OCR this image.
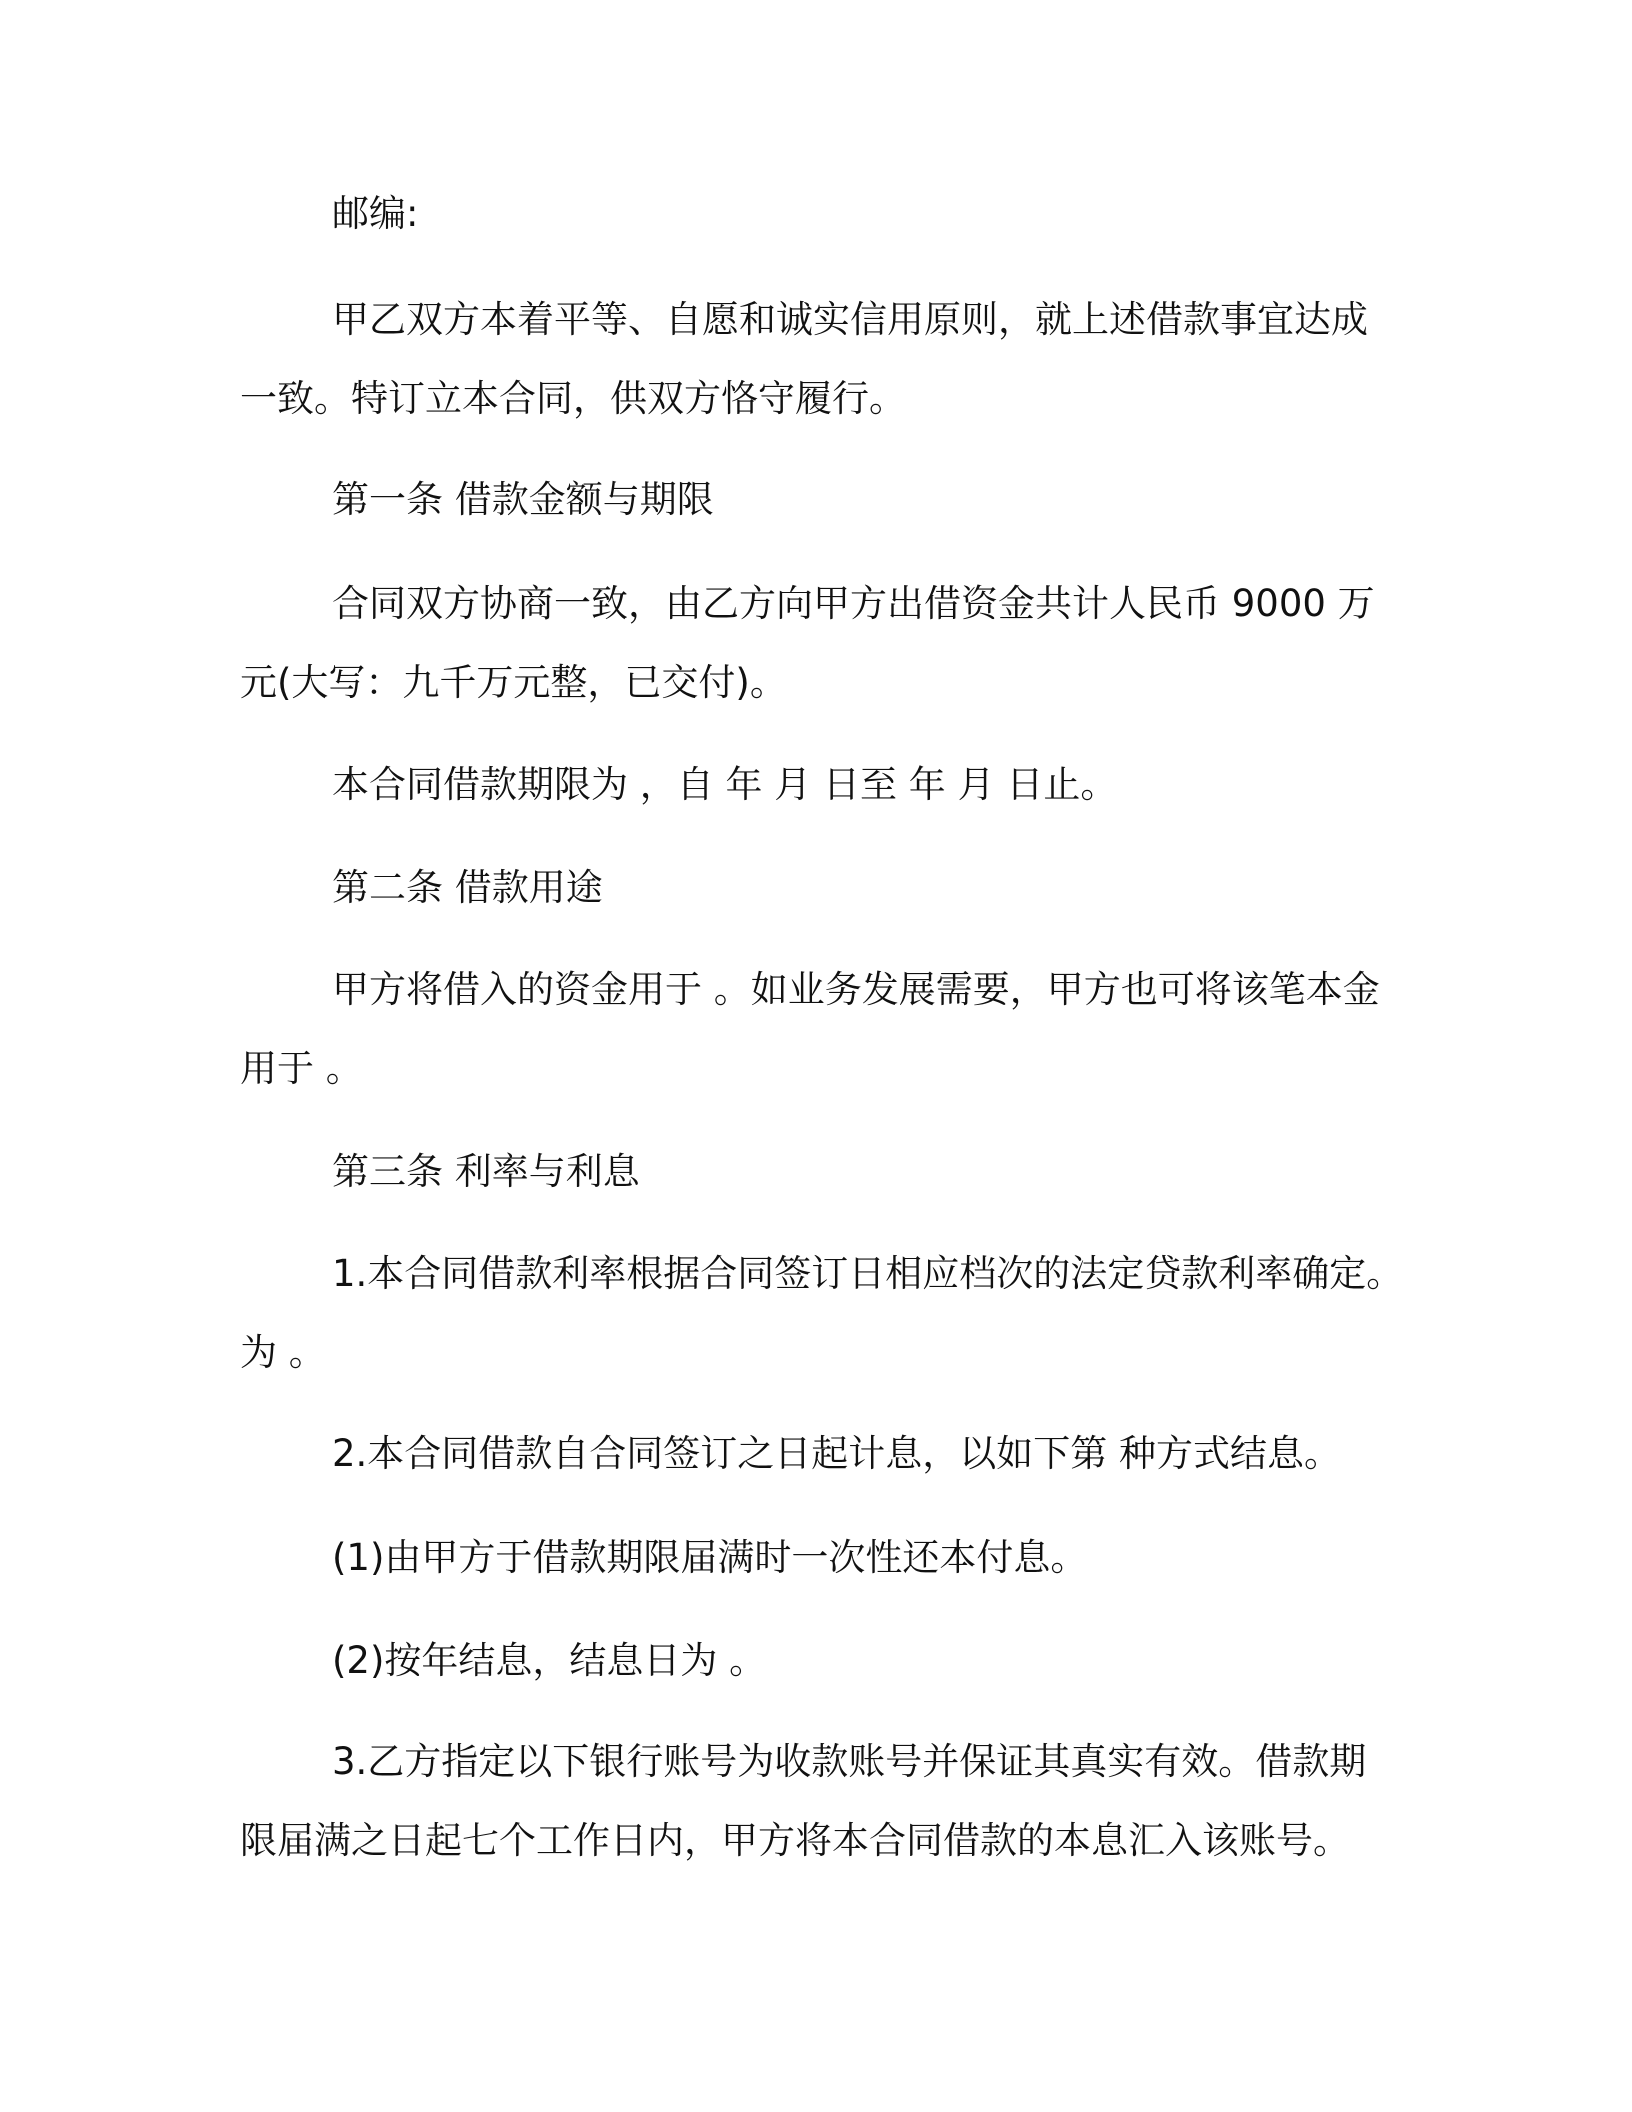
邮编:

甲乙双方本着平等、自愿和诚实信用原则，就上述借款事宜达成

一致。特订立本合同，供双方恪守履行。

第一条 借款金额与期限

合同双方协商一致，由乙方向甲方出借资金共计人民币 9000 万

元(大写：九千万元整，已交付)。

本合同借款期限为 ，自 年 月 日至 年 月 日止。

第二条 借款用途

甲方将借入的资金用于 。如业务发展需要，甲方也可将该笔本金

用于 。

第三条 利率与利息

1.本合同借款利率根据合同签订日相应档次的法定贷款利率确定。

为 。

2.本合同借款自合同签订之日起计息，以如下第 种方式结息。

(1)由甲方于借款期限届满时一次性还本付息。

(2)按年结息，结息日为 。

3.乙方指定以下银行账号为收款账号并保证其真实有效。借款期

限届满之日起七个工作日内，甲方将本合同借款的本息汇入该账号。
